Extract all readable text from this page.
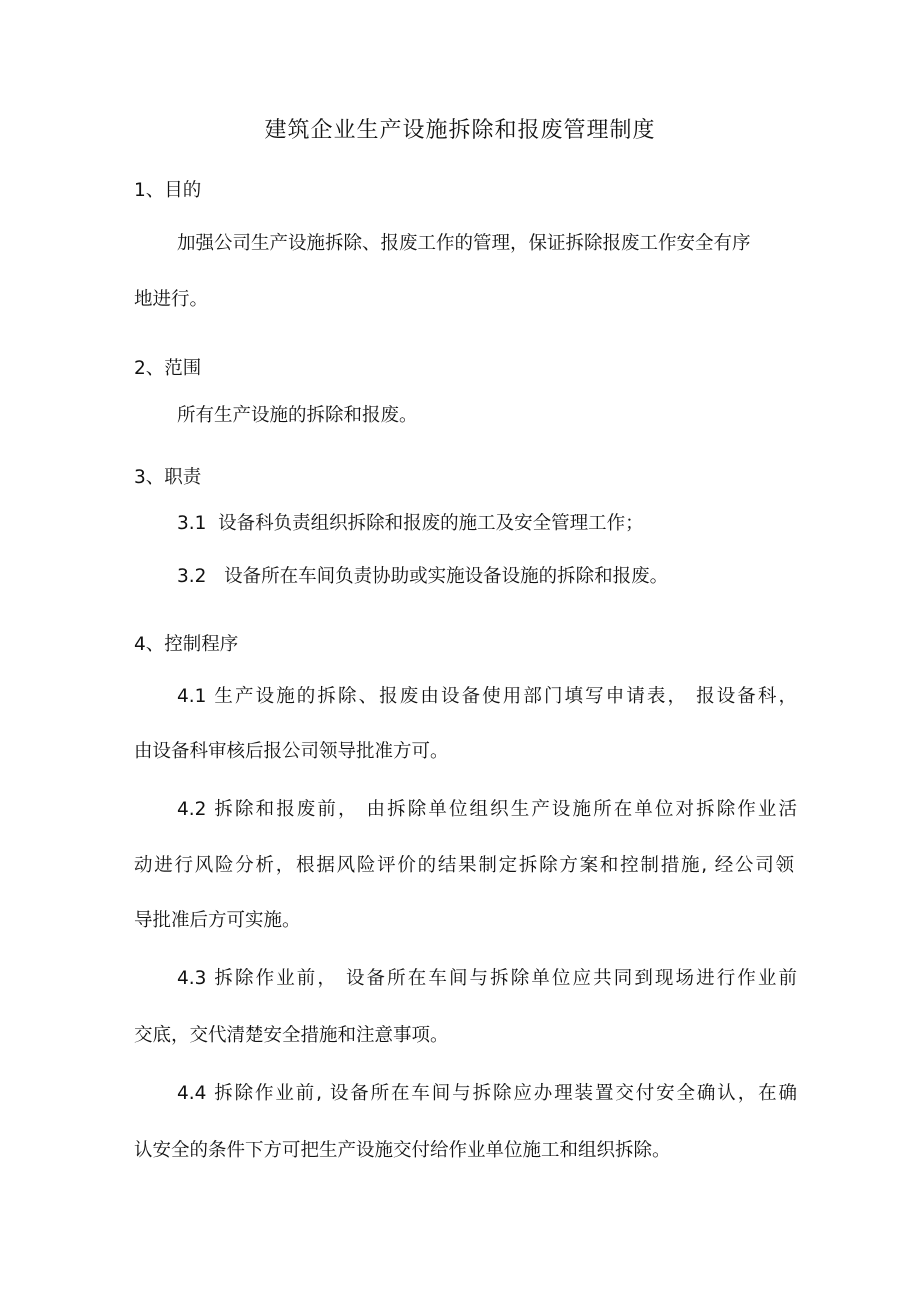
建筑企业生产设施拆除和报废管理制度
1、目的
加强公司生产设施拆除、报废工作的管理，保证拆除报废工作安全有序
地进行。
2、范围
所有生产设施的拆除和报废。
3、职责
3.1  设备科负责组织拆除和报废的施工及安全管理工作；
3.2   设备所在车间负责协助或实施设备设施的拆除和报废。
4、控制程序
4.1 生产设施的拆除、报废由设备使用部门填写申请表， 报设备科，
由设备科审核后报公司领导批准方可。
4.2 拆除和报废前， 由拆除单位组织生产设施所在单位对拆除作业活
动进行风险分析，根据风险评价的结果制定拆除方案和控制措施, 经公司领
导批准后方可实施。
4.3 拆除作业前， 设备所在车间与拆除单位应共同到现场进行作业前
交底，交代清楚安全措施和注意事项。
4.4 拆除作业前, 设备所在车间与拆除应办理装置交付安全确认，在确
认安全的条件下方可把生产设施交付给作业单位施工和组织拆除。
